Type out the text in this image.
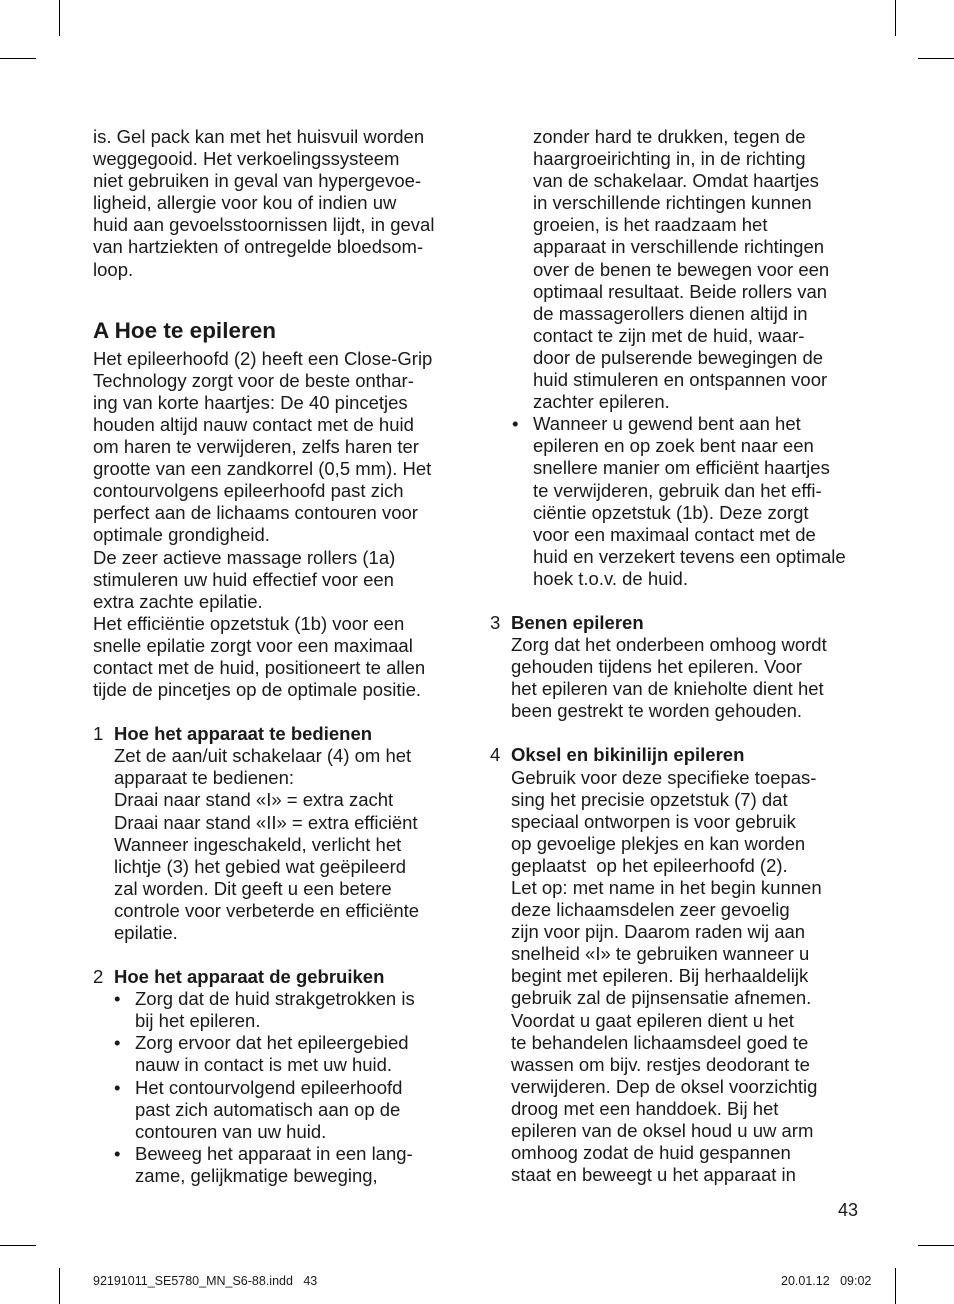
is. Gel pack kan met het huisvuil worden
weggegooid. Het verkoelingssysteem
niet gebruiken in geval van hypergevoe-
ligheid, allergie voor kou of indien uw
huid aan gevoelsstoornissen lijdt, in geval
van hartziekten of ontregelde bloedsom-
loop.
A Hoe te epileren
Het epileerhoofd (2) heeft een Close-Grip
Technology zorgt voor de beste onthar-
ing van korte haartjes: De 40 pincetjes
houden altijd nauw contact met de huid
om haren te verwijderen, zelfs haren ter
grootte van een zandkorrel (0,5 mm). Het
contourvolgens epileerhoofd past zich
perfect aan de lichaams contouren voor
optimale grondigheid.
De zeer actieve massage rollers (1a)
stimuleren uw huid effectief voor een
extra zachte epilatie.
Het efficiëntie opzetstuk (1b) voor een
snelle epilatie zorgt voor een maximaal
contact met de huid, positioneert te allen
tijde de pincetjes op de optimale positie.
1 Hoe het apparaat te bedienen
Zet de aan/uit schakelaar (4) om het
apparaat te bedienen:
Draai naar stand «I» = extra zacht
Draai naar stand «II» = extra efficiënt
Wanneer ingeschakeld, verlicht het
lichtje (3) het gebied wat geëpileerd
zal worden. Dit geeft u een betere
controle voor verbeterde en efficiënte
epilatie.
2 Hoe het apparaat de gebruiken
• Zorg dat de huid strakgetrokken is
bij het epileren.
• Zorg ervoor dat het epileergebied
nauw in contact is met uw huid.
• Het contourvolgend epileerhoofd
past zich automatisch aan op de
contouren van uw huid.
• Beweeg het apparaat in een lang-
zame, gelijkmatige beweging,
zonder hard te drukken, tegen de
haargroeirichting in, in de richting
van de schakelaar. Omdat haartjes
in verschillende richtingen kunnen
groeien, is het raadzaam het
apparaat in verschillende richtingen
over de benen te bewegen voor een
optimaal resultaat. Beide rollers van
de massagerollers dienen altijd in
contact te zijn met de huid, waar-
door de pulserende bewegingen de
huid stimuleren en ontspannen voor
zachter epileren.
• Wanneer u gewend bent aan het
epileren en op zoek bent naar een
snellere manier om efficiënt haartjes
te verwijderen, gebruik dan het effi-
ciëntie opzetstuk (1b). Deze zorgt
voor een maximaal contact met de
huid en verzekert tevens een optimale
hoek t.o.v. de huid.
3 Benen epileren
Zorg dat het onderbeen omhoog wordt
gehouden tijdens het epileren. Voor
het epileren van de knieholte dient het
been gestrekt te worden gehouden.
4 Oksel en bikinilijn epileren
Gebruik voor deze specifieke toepas-
sing het precisie opzetstuk (7) dat
speciaal ontworpen is voor gebruik
op gevoelige plekjes en kan worden
geplaatst  op het epileerhoofd (2).
Let op: met name in het begin kunnen
deze lichaamsdelen zeer gevoelig
zijn voor pijn. Daarom raden wij aan
snelheid «I» te gebruiken wanneer u
begint met epileren. Bij herhaaldelijk
gebruik zal de pijnsensatie afnemen.
Voordat u gaat epileren dient u het
te behandelen lichaamsdeel goed te
wassen om bijv. restjes deodorant te
verwijderen. Dep de oksel voorzichtig
droog met een handdoek. Bij het
epileren van de oksel houd u uw arm
omhoog zodat de huid gespannen
staat en beweegt u het apparaat in
43
92191011_SE5780_MN_S6-88.indd   43	20.01.12   09:02
